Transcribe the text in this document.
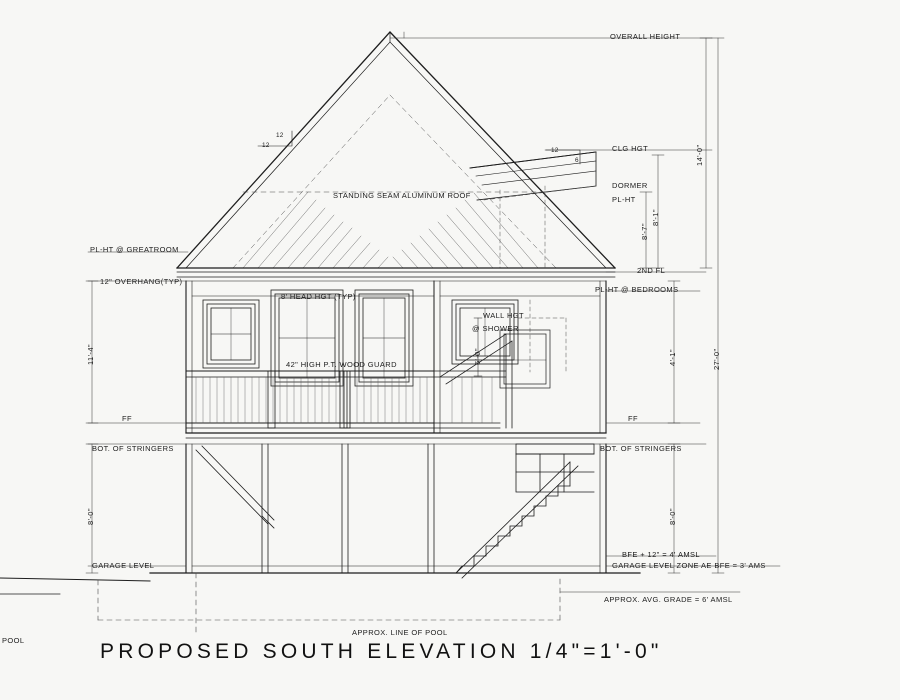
OVERALL HEIGHT
CLG HGT
DORMER
PL-HT
STANDING SEAM ALUMINUM ROOF
PL-HT @ GREATROOM
12" OVERHANG(TYP)
8' HEAD HGT (TYP)
2ND FL
PL-HT @ BEDROOMS
WALL HGT
@ SHOWER
42" HIGH P.T. WOOD GUARD
FF	FF
BOT. OF STRINGERS	BOT. OF STRINGERS
GARAGE LEVEL
BFE + 12" = 4' AMSL
GARAGE LEVEL ZONE AE BFE = 3' AMS
APPROX. AVG. GRADE = 6' AMSL
APPROX. LINE OF POOL
POOL
12
12
12
6	14'-0"
8'-1"
8'-7"
11'-4"	4'-1"
6'-0"	27'-0"
8'-0"	8'-0"
PROPOSED SOUTH ELEVATION 1/4"=1'-0"
